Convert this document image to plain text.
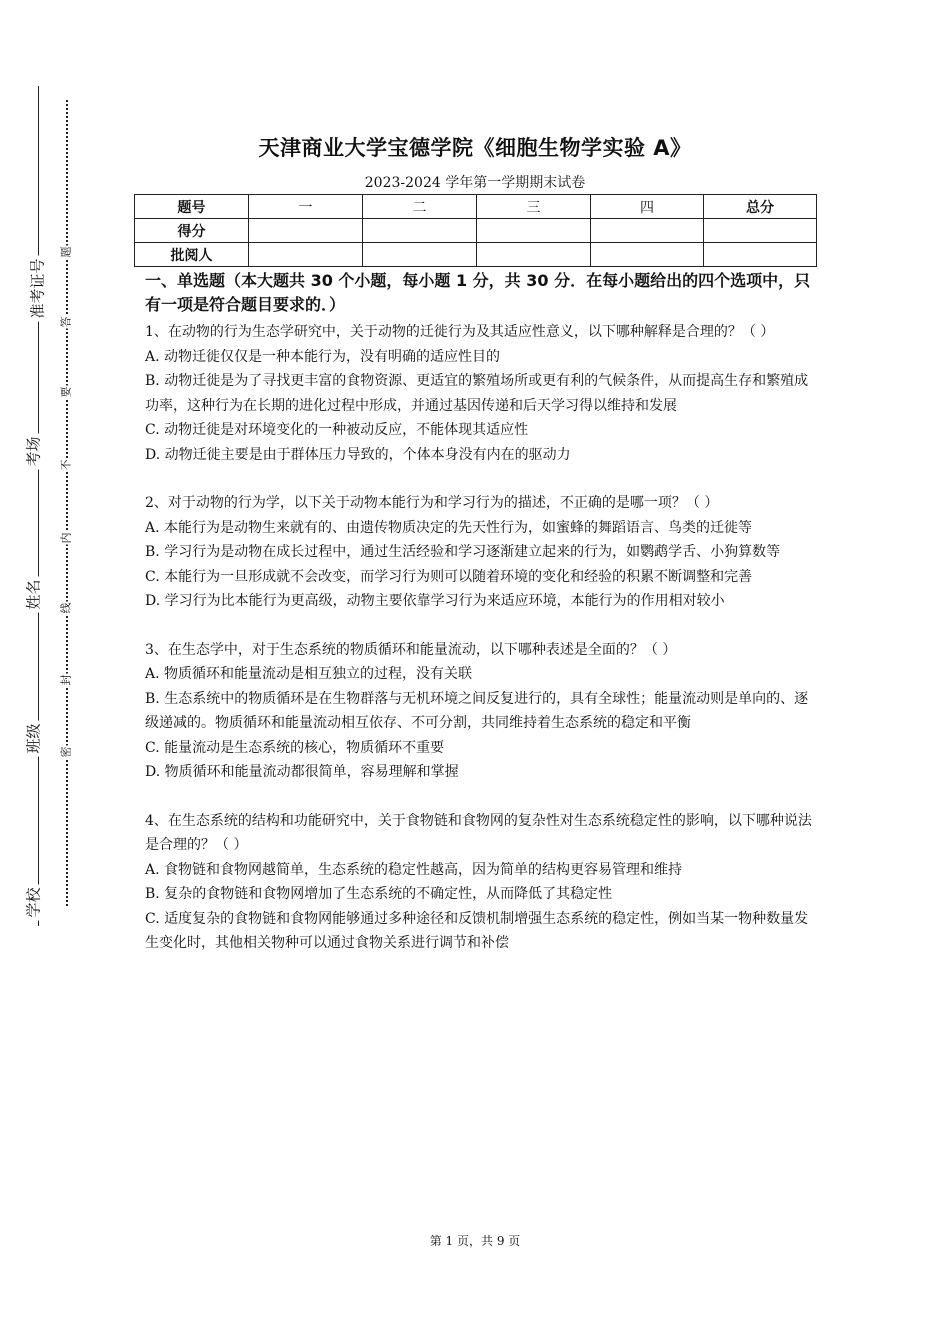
准考证号
考场
姓名
班级
学校
题
答
要
不
内
线
封
密
天津商业大学宝德学院《细胞生物学实验 A》
2023-2024 学年第一学期期末试卷
题号	一	二	三	四	总分
得分					
批阅人					
一、单选题（本大题共 30 个小题，每小题 1 分，共 30 分．在每小题给出的四个选项中，只有一项是符合题目要求的．）

1、在动物的行为生态学研究中，关于动物的迁徙行为及其适应性意义，以下哪种解释是合理的？（ ）

A. 动物迁徙仅仅是一种本能行为，没有明确的适应性目的

B. 动物迁徙是为了寻找更丰富的食物资源、更适宜的繁殖场所或更有利的气候条件，从而提高生存和繁殖成功率，这种行为在长期的进化过程中形成，并通过基因传递和后天学习得以维持和发展

C. 动物迁徙是对环境变化的一种被动反应，不能体现其适应性

D. 动物迁徙主要是由于群体压力导致的，个体本身没有内在的驱动力

2、对于动物的行为学，以下关于动物本能行为和学习行为的描述，不正确的是哪一项？（ ）

A. 本能行为是动物生来就有的、由遗传物质决定的先天性行为，如蜜蜂的舞蹈语言、鸟类的迁徙等

B. 学习行为是动物在成长过程中，通过生活经验和学习逐渐建立起来的行为，如鹦鹉学舌、小狗算数等

C. 本能行为一旦形成就不会改变，而学习行为则可以随着环境的变化和经验的积累不断调整和完善

D. 学习行为比本能行为更高级，动物主要依靠学习行为来适应环境，本能行为的作用相对较小

3、在生态学中，对于生态系统的物质循环和能量流动，以下哪种表述是全面的？（ ）

A. 物质循环和能量流动是相互独立的过程，没有关联

B. 生态系统中的物质循环是在生物群落与无机环境之间反复进行的，具有全球性；能量流动则是单向的、逐级递减的。物质循环和能量流动相互依存、不可分割，共同维持着生态系统的稳定和平衡

C. 能量流动是生态系统的核心，物质循环不重要

D. 物质循环和能量流动都很简单，容易理解和掌握

4、在生态系统的结构和功能研究中，关于食物链和食物网的复杂性对生态系统稳定性的影响，以下哪种说法是合理的？（ ）

A. 食物链和食物网越简单，生态系统的稳定性越高，因为简单的结构更容易管理和维持

B. 复杂的食物链和食物网增加了生态系统的不确定性，从而降低了其稳定性

C. 适度复杂的食物链和食物网能够通过多种途径和反馈机制增强生态系统的稳定性，例如当某一物种数量发生变化时，其他相关物种可以通过食物关系进行调节和补偿

第 1 页，共 9 页
